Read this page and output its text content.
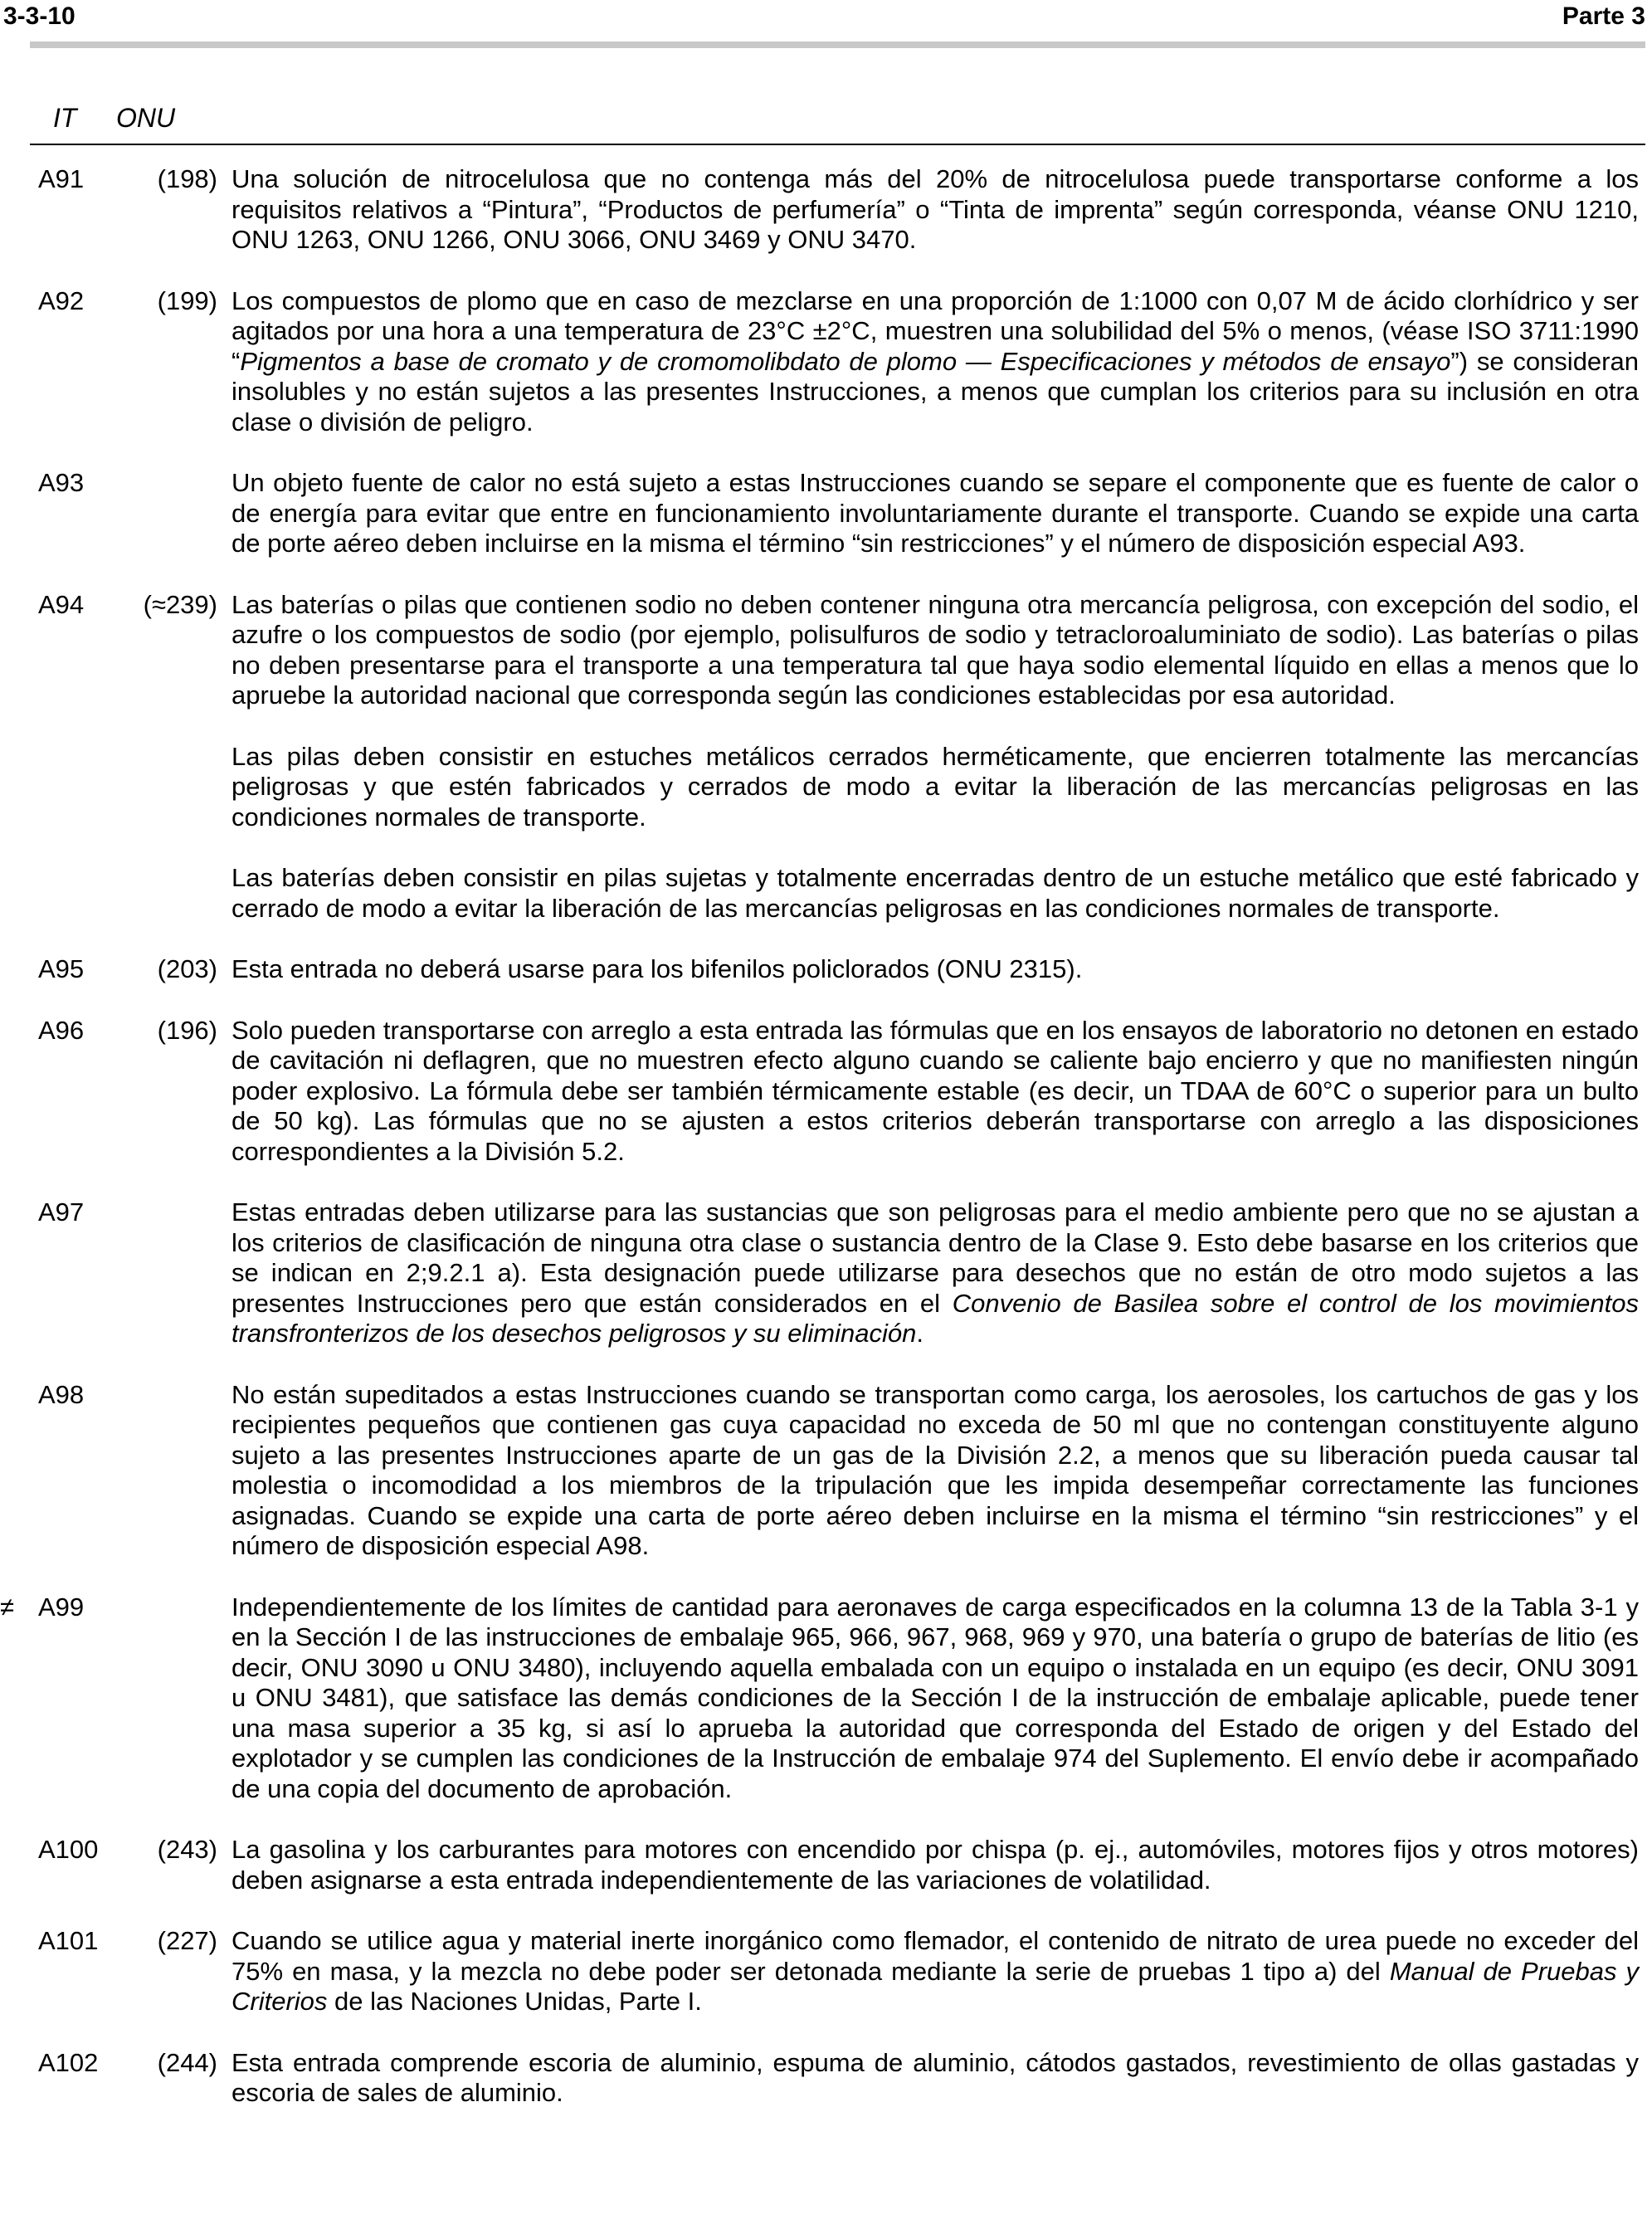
3-3-10	Parte 3
IT ONU
A91	(198) Una solución de nitrocelulosa que no contenga más del 20% de nitrocelulosa puede transportarse conforme a los requisitos relativos a “Pintura”, “Productos de perfumería” o “Tinta de imprenta” según corresponda, véanse ONU 1210, ONU 1263, ONU 1266, ONU 3066, ONU 3469 y ONU 3470.

A92	(199) Los compuestos de plomo que en caso de mezclarse en una proporción de 1:1000 con 0,07 M de ácido clorhídrico y ser agitados por una hora a una temperatura de 23°C ±2°C, muestren una solubilidad del 5% o menos, (véase ISO 3711:1990 “Pigmentos a base de cromato y de cromomolibdato de plomo — Especificaciones y métodos de ensayo”) se consideran insolubles y no están sujetos a las presentes Instrucciones, a menos que cumplan los criterios para su inclusión en otra clase o división de peligro.

A93	Un objeto fuente de calor no está sujeto a estas Instrucciones cuando se separe el componente que es fuente de calor o de energía para evitar que entre en funcionamiento involuntariamente durante el transporte. Cuando se expide una carta de porte aéreo deben incluirse en la misma el término “sin restricciones” y el número de disposición especial A93.

A94	(≈239) Las baterías o pilas que contienen sodio no deben contener ninguna otra mercancía peligrosa, con excepción del sodio, el azufre o los compuestos de sodio (por ejemplo, polisulfuros de sodio y tetracloroaluminiato de sodio). Las baterías o pilas no deben presentarse para el transporte a una temperatura tal que haya sodio elemental líquido en ellas a menos que lo apruebe la autoridad nacional que corresponda según las condiciones establecidas por esa autoridad.

Las pilas deben consistir en estuches metálicos cerrados herméticamente, que encierren totalmente las mercancías peligrosas y que estén fabricados y cerrados de modo a evitar la liberación de las mercancías peligrosas en las condiciones normales de transporte.

Las baterías deben consistir en pilas sujetas y totalmente encerradas dentro de un estuche metálico que esté fabricado y cerrado de modo a evitar la liberación de las mercancías peligrosas en las condiciones normales de transporte.

A95	(203) Esta entrada no deberá usarse para los bifenilos policlorados (ONU 2315).

A96	(196) Solo pueden transportarse con arreglo a esta entrada las fórmulas que en los ensayos de laboratorio no detonen en estado de cavitación ni deflagren, que no muestren efecto alguno cuando se caliente bajo encierro y que no manifiesten ningún poder explosivo. La fórmula debe ser también térmicamente estable (es decir, un TDAA de 60°C o superior para un bulto de 50 kg). Las fórmulas que no se ajusten a estos criterios deberán transportarse con arreglo a las disposiciones correspondientes a la División 5.2.

A97	Estas entradas deben utilizarse para las sustancias que son peligrosas para el medio ambiente pero que no se ajustan a los criterios de clasificación de ninguna otra clase o sustancia dentro de la Clase 9. Esto debe basarse en los criterios que se indican en 2;9.2.1 a). Esta designación puede utilizarse para desechos que no están de otro modo sujetos a las presentes Instrucciones pero que están considerados en el Convenio de Basilea sobre el control de los movimientos transfronterizos de los desechos peligrosos y su eliminación.

A98	No están supeditados a estas Instrucciones cuando se transportan como carga, los aerosoles, los cartuchos de gas y los recipientes pequeños que contienen gas cuya capacidad no exceda de 50 ml que no contengan constituyente alguno sujeto a las presentes Instrucciones aparte de un gas de la División 2.2, a menos que su liberación pueda causar tal molestia o incomodidad a los miembros de la tripulación que les impida desempeñar correctamente las funciones asignadas. Cuando se expide una carta de porte aéreo deben incluirse en la misma el término “sin restricciones” y el número de disposición especial A98.

≠ A99	Independientemente de los límites de cantidad para aeronaves de carga especificados en la columna 13 de la Tabla 3-1 y en la Sección I de las instrucciones de embalaje 965, 966, 967, 968, 969 y 970, una batería o grupo de baterías de litio (es decir, ONU 3090 u ONU 3480), incluyendo aquella embalada con un equipo o instalada en un equipo (es decir, ONU 3091 u ONU 3481), que satisface las demás condiciones de la Sección I de la instrucción de embalaje aplicable, puede tener una masa superior a 35 kg, si así lo aprueba la autoridad que corresponda del Estado de origen y del Estado del explotador y se cumplen las condiciones de la Instrucción de embalaje 974 del Suplemento. El envío debe ir acompañado de una copia del documento de aprobación.

A100	(243) La gasolina y los carburantes para motores con encendido por chispa (p. ej., automóviles, motores fijos y otros motores) deben asignarse a esta entrada independientemente de las variaciones de volatilidad.

A101	(227) Cuando se utilice agua y material inerte inorgánico como flemador, el contenido de nitrato de urea puede no exceder del 75% en masa, y la mezcla no debe poder ser detonada mediante la serie de pruebas 1 tipo a) del Manual de Pruebas y Criterios de las Naciones Unidas, Parte I.

A102	(244) Esta entrada comprende escoria de aluminio, espuma de aluminio, cátodos gastados, revestimiento de ollas gastadas y escoria de sales de aluminio.
